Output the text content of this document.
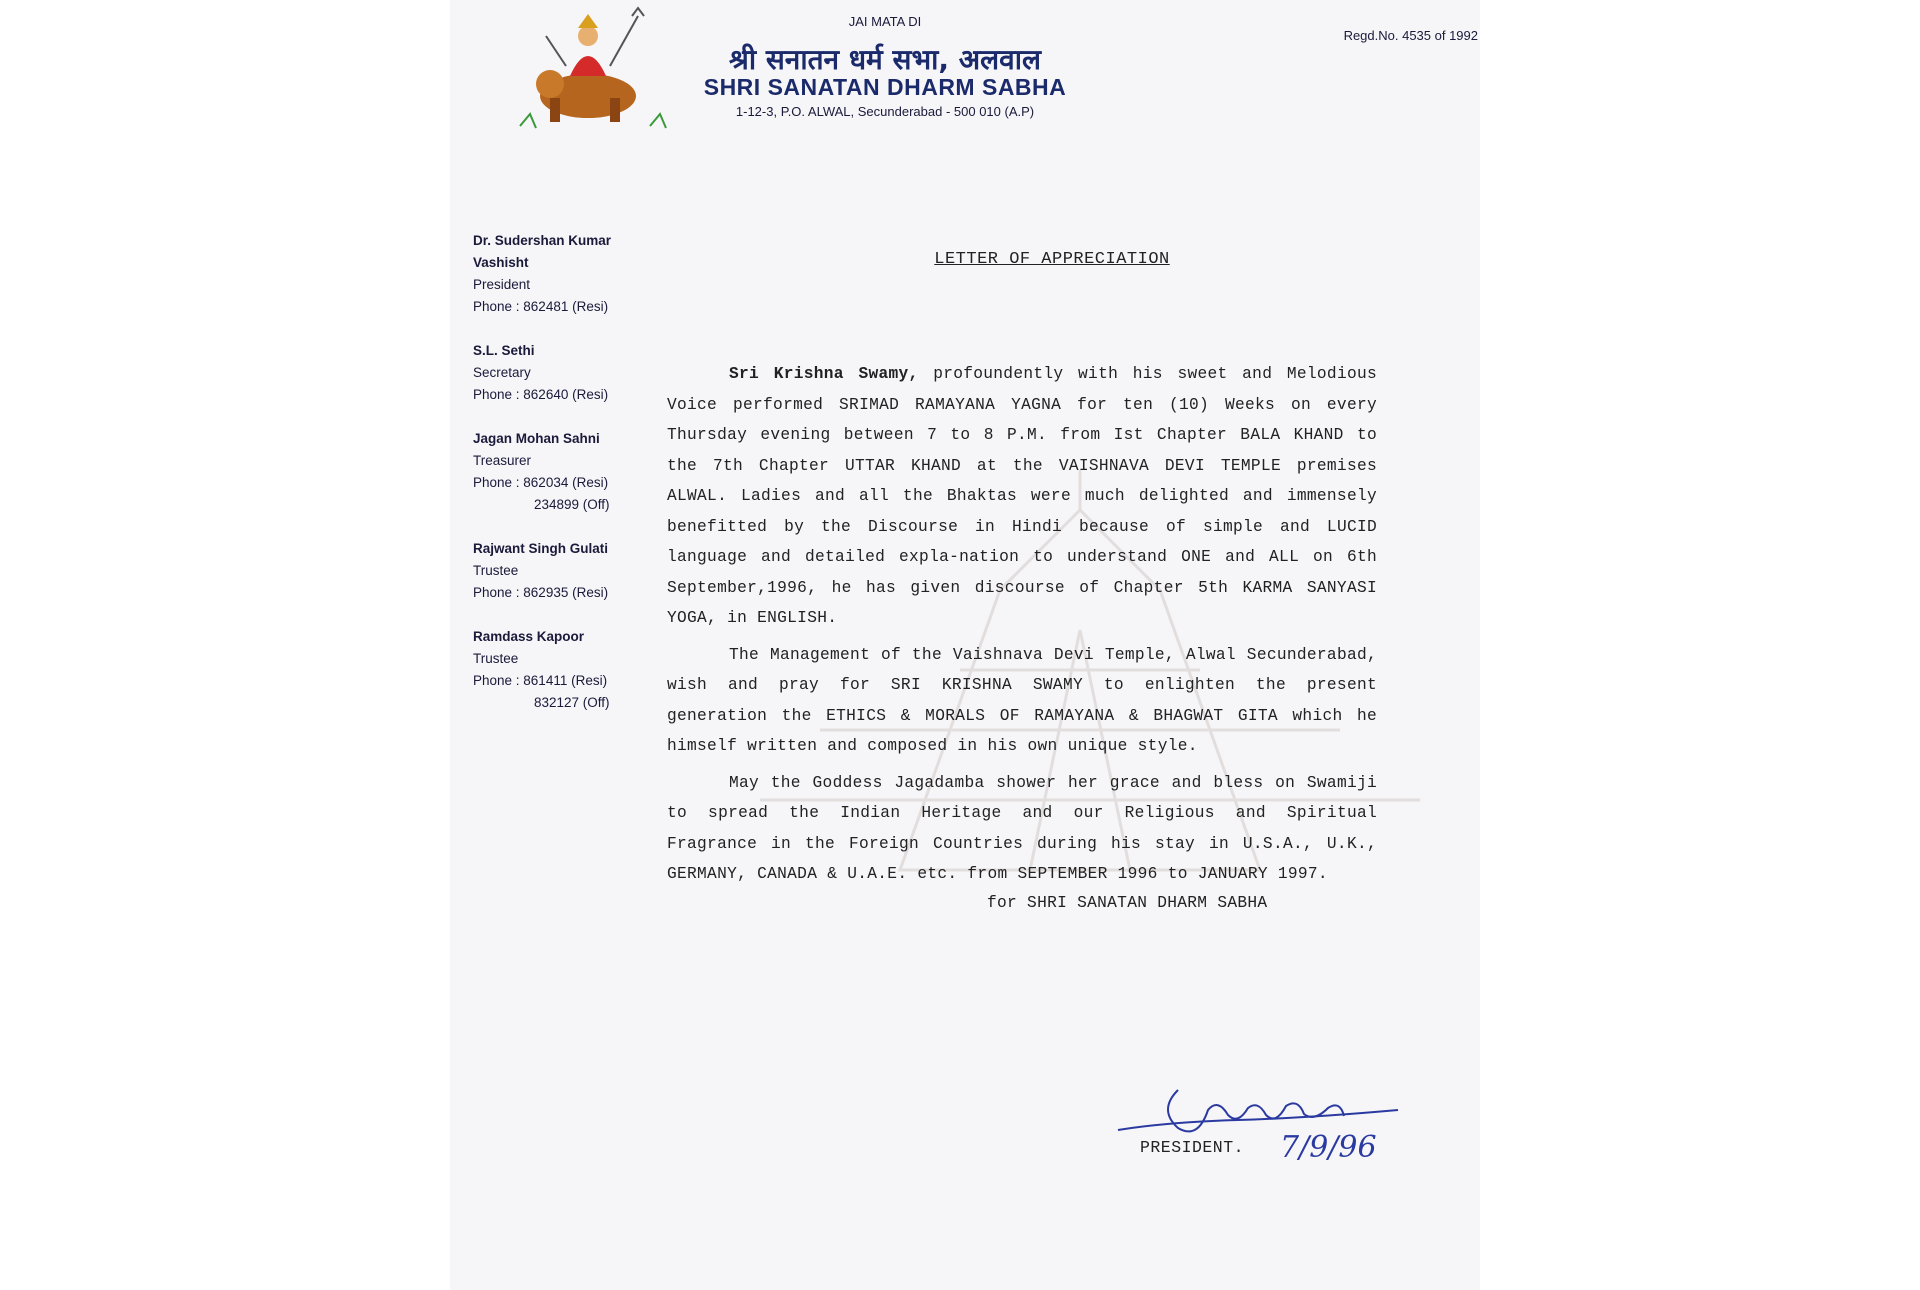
JAI MATA DI
श्री सनातन धर्म सभा, अलवाल
SHRI SANATAN DHARM SABHA
1-12-3, P.O. ALWAL, Secunderabad - 500 010 (A.P)
Regd.No. 4535 of 1992
Dr. Sudershan Kumar Vashisht
President
Phone : 862481 (Resi)
S.L. Sethi
Secretary
Phone : 862640 (Resi)
Jagan Mohan Sahni
Treasurer
Phone : 862034 (Resi)
234899 (Off)
Rajwant Singh Gulati
Trustee
Phone : 862935 (Resi)
Ramdass Kapoor
Trustee
Phone : 861411 (Resi)
832127 (Off)
LETTER OF APPRECIATION

Sri Krishna Swamy, profoundently with his sweet and Melodious Voice performed SRIMAD RAMAYANA YAGNA for ten (10) Weeks on every Thursday evening between 7 to 8 P.M. from Ist Chapter BALA KHAND to the 7th Chapter UTTAR KHAND at the VAISHNAVA DEVI TEMPLE premises ALWAL. Ladies and all the Bhaktas were much delighted and immensely benefitted by the Discourse in Hindi because of simple and LUCID language and detailed expla-nation to understand ONE and ALL on 6th September,1996, he has given discourse of Chapter 5th KARMA SANYASI YOGA, in ENGLISH.

The Management of the Vaishnava Devi Temple, Alwal Secunderabad, wish and pray for SRI KRISHNA SWAMY to enlighten the present generation the ETHICS & MORALS OF RAMAYANA & BHAGWAT GITA which he himself written and composed in his own unique style.

May the Goddess Jagadamba shower her grace and bless on Swamiji to spread the Indian Heritage and our Religious and Spiritual Fragrance in the Foreign Countries during his stay in U.S.A., U.K., GERMANY, CANADA & U.A.E. etc. from SEPTEMBER 1996 to JANUARY 1997.

for SHRI SANATAN DHARM SABHA
PRESIDENT. 7/9/96
